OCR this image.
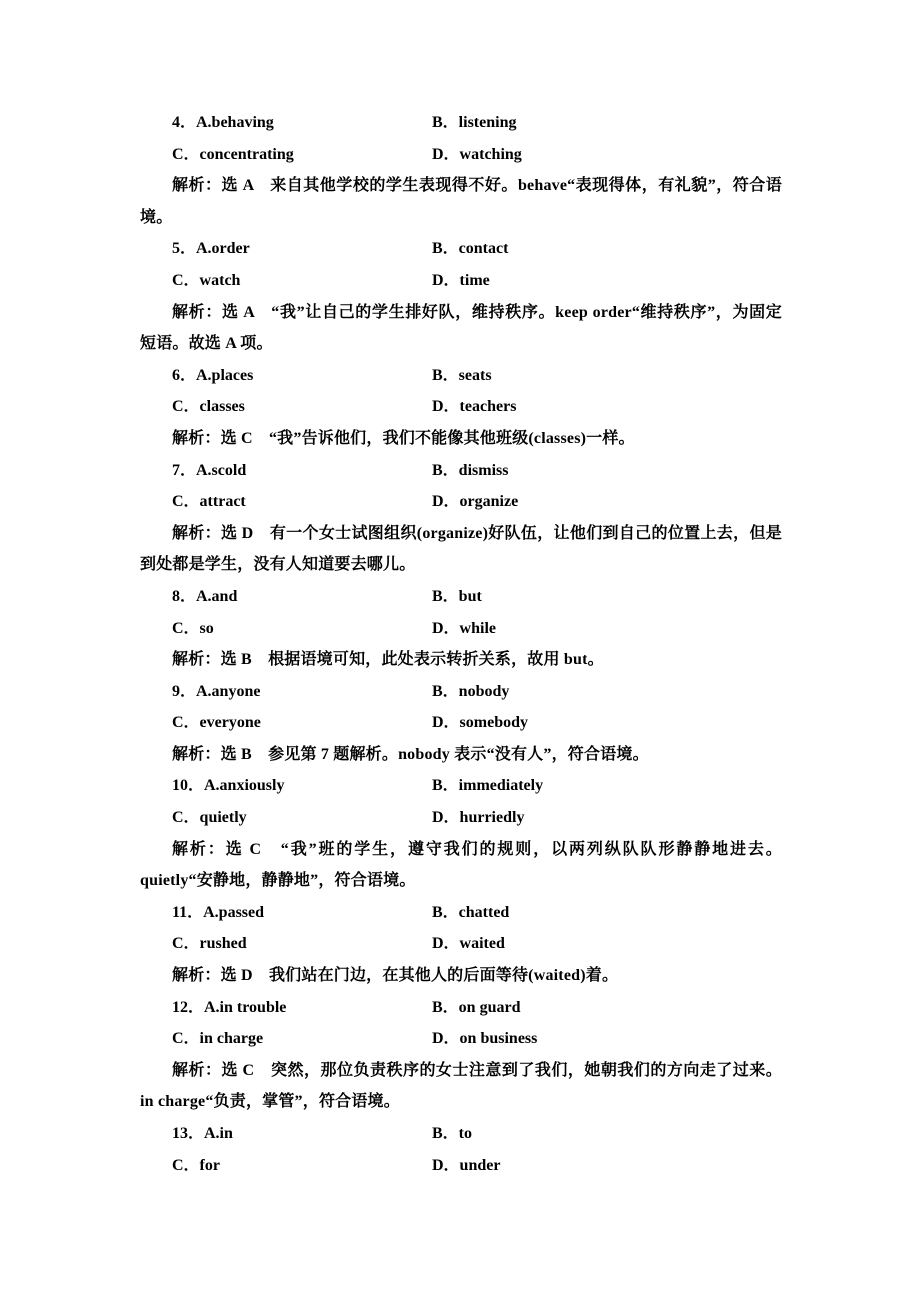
4．A.behaving	B．listening
C．concentrating	D．watching
解析：选 A　来自其他学校的学生表现得不好。behave“表现得体，有礼貌”，符合语境。
5．A.order	B．contact
C．watch	D．time
解析：选 A　“我”让自己的学生排好队，维持秩序。keep order“维持秩序”，为固定短语。故选 A 项。
6．A.places	B．seats
C．classes	D．teachers
解析：选 C　“我”告诉他们，我们不能像其他班级(classes)一样。
7．A.scold	B．dismiss
C．attract	D．organize
解析：选 D　有一个女士试图组织(organize)好队伍，让他们到自己的位置上去，但是到处都是学生，没有人知道要去哪儿。
8．A.and	B．but
C．so	D．while
解析：选 B　根据语境可知，此处表示转折关系，故用 but。
9．A.anyone	B．nobody
C．everyone	D．somebody
解析：选 B　参见第 7 题解析。nobody 表示“没有人”，符合语境。
10．A.anxiously	B．immediately
C．quietly	D．hurriedly
解析：选 C　“我”班的学生，遵守我们的规则，以两列纵队队形静静地进去。quietly“安静地，静静地”，符合语境。
11．A.passed	B．chatted
C．rushed	D．waited
解析：选 D　我们站在门边，在其他人的后面等待(waited)着。
12．A.in trouble	B．on guard
C．in charge	D．on business
解析：选 C　突然，那位负责秩序的女士注意到了我们，她朝我们的方向走了过来。in charge“负责，掌管”，符合语境。
13．A.in	B．to
C．for	D．under
